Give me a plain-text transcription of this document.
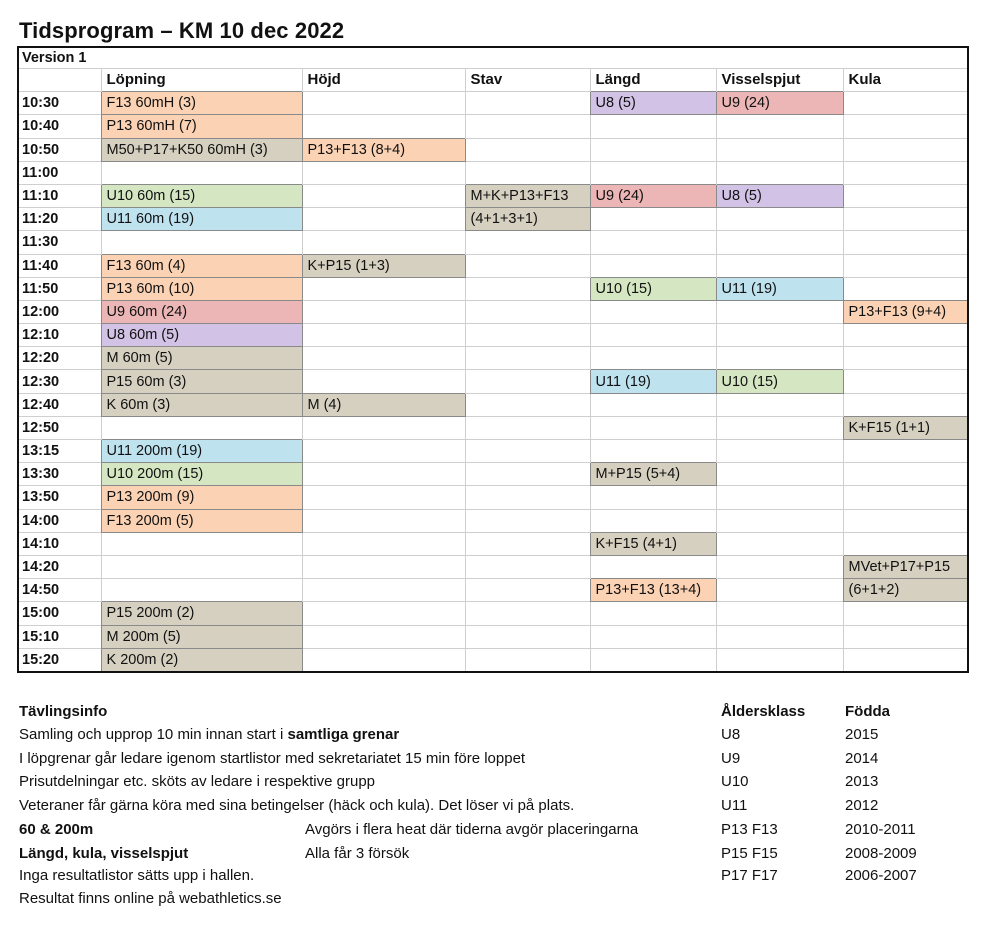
Tidsprogram – KM 10 dec 2022
Version 1						
	Löpning	Höjd	Stav	Längd	Visselspjut	Kula
10:30	F13 60mH (3)			U8 (5)	U9 (24)	
10:40	P13 60mH (7)					
10:50	M50+P17+K50 60mH (3)	P13+F13 (8+4)				
11:00						
11:10	U10 60m (15)		M+K+P13+F13	U9 (24)	U8 (5)	
11:20	U11 60m (19)		(4+1+3+1)			
11:30						
11:40	F13 60m (4)	K+P15 (1+3)				
11:50	P13 60m (10)			U10 (15)	U11 (19)	
12:00	U9 60m (24)					P13+F13 (9+4)
12:10	U8 60m (5)					
12:20	M 60m (5)					
12:30	P15 60m (3)			U11 (19)	U10 (15)	
12:40	K 60m (3)	M (4)				
12:50						K+F15 (1+1)
13:15	U11 200m (19)					
13:30	U10 200m (15)			M+P15 (5+4)		
13:50	P13 200m (9)					
14:00	F13 200m (5)					
14:10				K+F15 (4+1)		
14:20						MVet+P17+P15
14:50				P13+F13 (13+4)		(6+1+2)
15:00	P15 200m (2)					
15:10	M 200m (5)					
15:20	K 200m (2)					
Tävlingsinfo
Samling och upprop 10 min innan start i samtliga grenar
I löpgrenar går ledare igenom startlistor med sekretariatet 15 min före loppet
Prisutdelningar etc. sköts av ledare i respektive grupp
Veteraner får gärna köra med sina betingelser (häck och kula). Det löser vi på plats.
60 & 200m	Avgörs i flera heat där tiderna avgör placeringarna
Längd, kula, visselspjut	Alla får 3 försök
Inga resultatlistor sätts upp i hallen.
Resultat finns online på webathletics.se
Åldersklass	Födda
U8	2015
U9	2014
U10	2013
U11	2012
P13 F13	2010-2011
P15 F15	2008-2009
P17 F17	2006-2007
